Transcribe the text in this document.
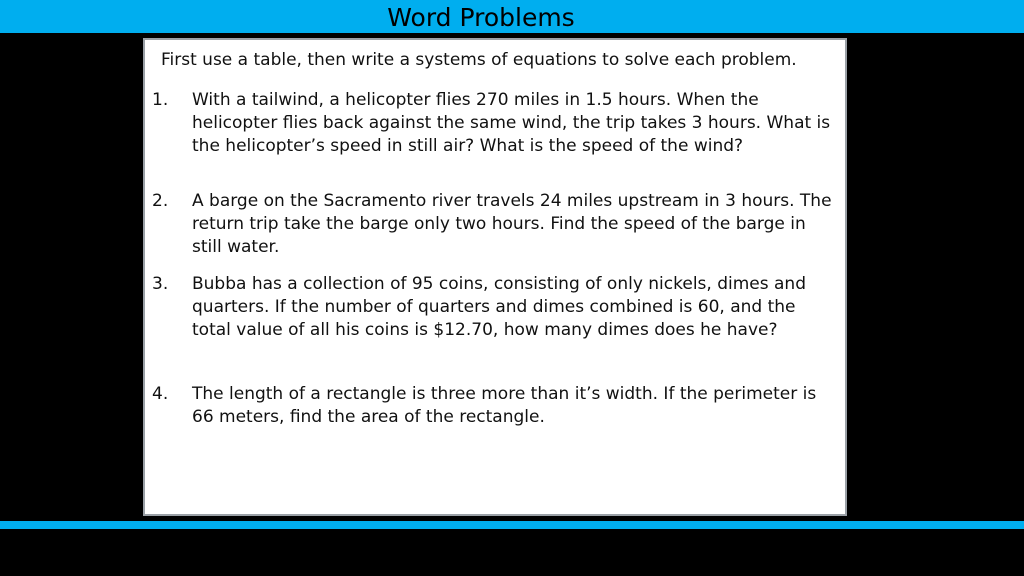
Word Problems
First use a table, then write a systems of equations to solve each problem.
1. With a tailwind, a helicopter flies 270 miles in 1.5 hours. When the helicopter flies back against the same wind, the trip takes 3 hours. What is the helicopter’s speed in still air? What is the speed of the wind?
2. A barge on the Sacramento river travels 24 miles upstream in 3 hours. The return trip take the barge only two hours. Find the speed of the barge in still water.
3. Bubba has a collection of 95 coins, consisting of only nickels, dimes and quarters. If the number of quarters and dimes combined is 60, and the total value of all his coins is $12.70, how many dimes does he have?
4. The length of a rectangle is three more than it’s width. If the perimeter is 66 meters, find the area of the rectangle.
